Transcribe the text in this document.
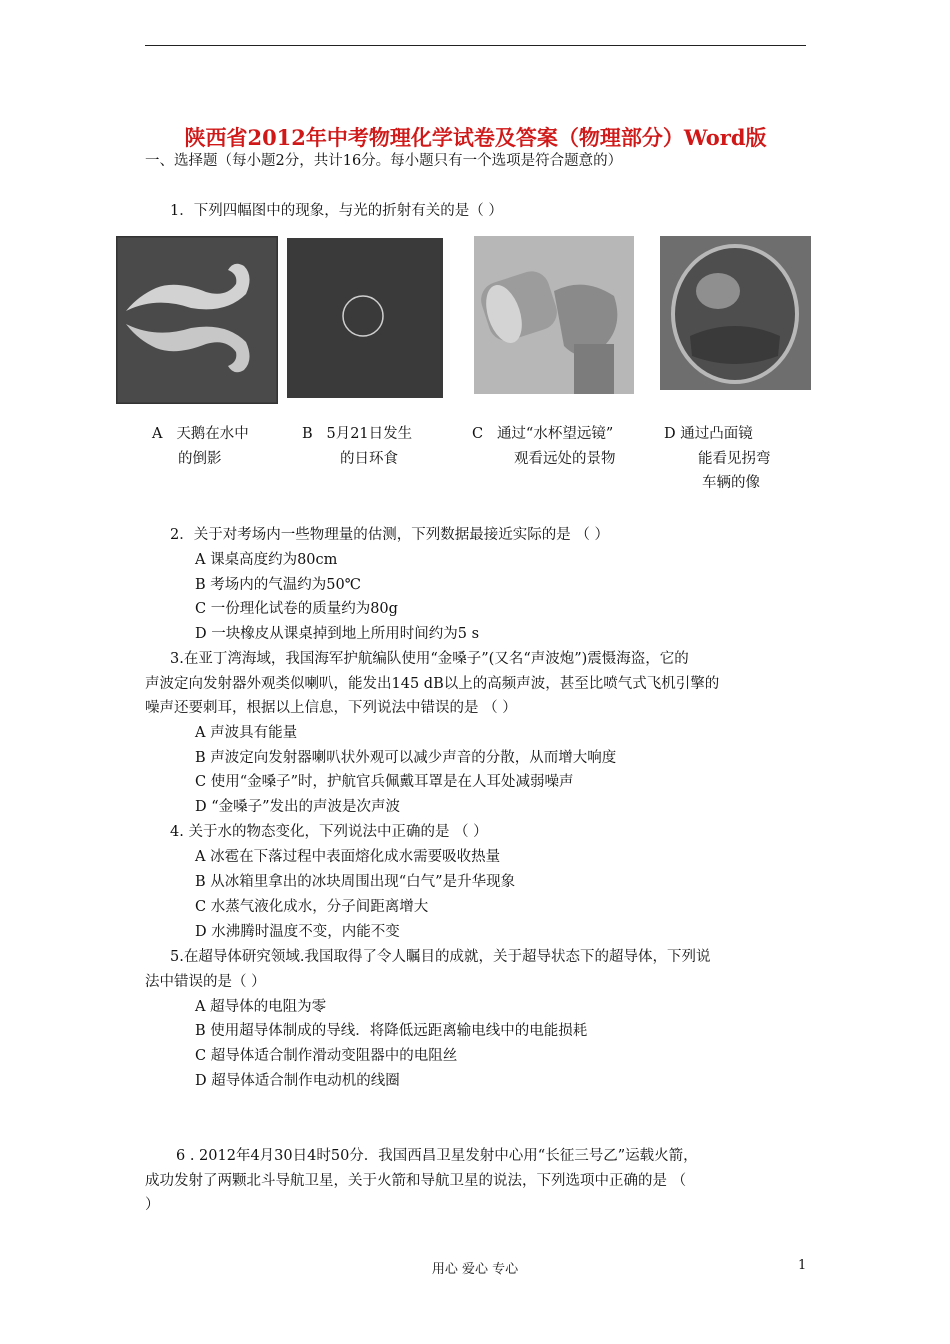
陕西省2012年中考物理化学试卷及答案（物理部分）Word版
一、选择题（每小题2分，共计16分。每小题只有一个选项是符合题意的）
1．下列四幅图中的现象，与光的折射有关的是（ ）
A 天鹅在水中
的倒影
B 5月21日发生
的日环食
C 通过“水杯望远镜”
观看远处的景物
D 通过凸面镜
能看见拐弯
车辆的像
2．关于对考场内一些物理量的估测，下列数据最接近实际的是 （ ）
A 课桌高度约为80cm
B 考场内的气温约为50℃
C 一份理化试卷的质量约为80g
D 一块橡皮从课桌掉到地上所用时间约为5 s
3.在亚丁湾海域，我国海军护航编队使用“金嗓子”(又名“声波炮”)震慑海盗，它的
声波定向发射器外观类似喇叭，能发出145 dB以上的高频声波，甚至比喷气式飞机引擎的
噪声还要刺耳，根据以上信息，下列说法中错误的是 （ ）
A 声波具有能量
B 声波定向发射器喇叭状外观可以减少声音的分散，从而增大响度
C 使用“金嗓子”时，护航官兵佩戴耳罩是在人耳处减弱噪声
D “金嗓子”发出的声波是次声波
4. 关于水的物态变化，下列说法中正确的是 （ ）
A 冰雹在下落过程中表面熔化成水需要吸收热量
B 从冰箱里拿出的冰块周围出现“白气”是升华现象
C 水蒸气液化成水，分子间距离增大
D 水沸腾时温度不变，内能不变
5.在超导体研究领域.我国取得了令人瞩目的成就，关于超导状态下的超导体，下列说
法中错误的是（ ）
A 超导体的电阻为零
B 使用超导体制成的导线．将降低远距离输电线中的电能损耗
C 超导体适合制作滑动变阻器中的电阻丝
D 超导体适合制作电动机的线圈
6 . 2012年4月30日4时50分．我国西昌卫星发射中心用“长征三号乙”运载火箭，
成功发射了两颗北斗导航卫星，关于火箭和导航卫星的说法，下列选项中正确的是 （
）
用心 爱心 专心	1
